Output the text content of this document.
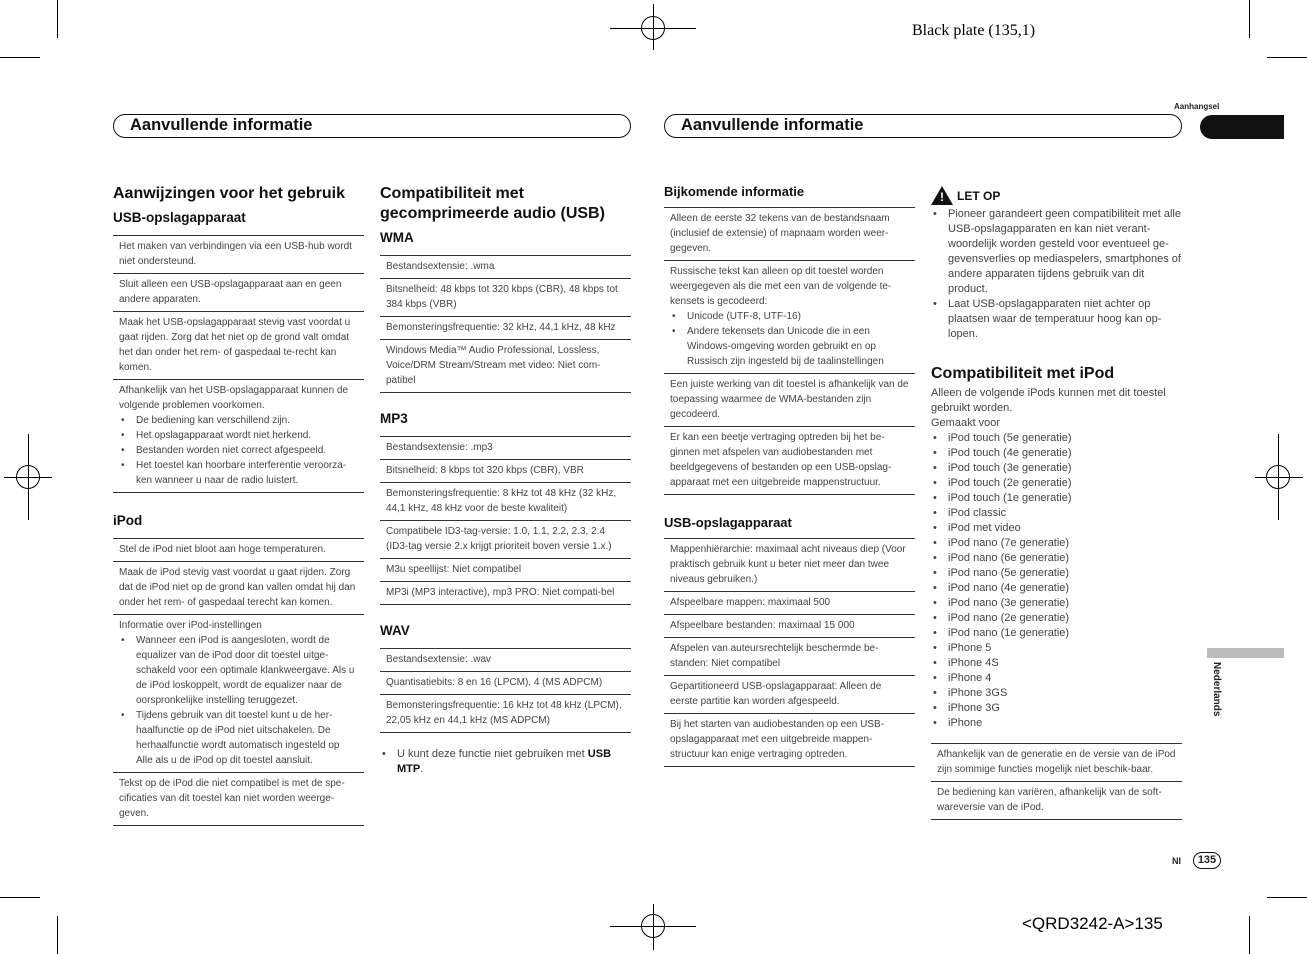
Black plate (135,1)
<QRD3242-A>135
Aanhangsel
Nederlands
Aanvullende informatie	Aanvullende informatie
Aanwijzingen voor het gebruik
USB-opslagapparaat
Het maken van verbindingen via een USB-hub wordt niet ondersteund.
Sluit alleen een USB-opslagapparaat aan en geen andere apparaten.
Maak het USB-opslagapparaat stevig vast voordat u gaat rijden. Zorg dat het niet op de grond valt omdat het dan onder het rem- of gaspedaal te-recht kan komen.
Afhankelijk van het USB-opslagapparaat kunnen de volgende problemen voorkomen.
• De bediening kan verschillend zijn.
• Het opslagapparaat wordt niet herkend.
• Bestanden worden niet correct afgespeeld.
• Het toestel kan hoorbare interferentie veroorza-ken wanneer u naar de radio luistert.
iPod
Stel de iPod niet bloot aan hoge temperaturen.
Maak de iPod stevig vast voordat u gaat rijden. Zorg dat de iPod niet op de grond kan vallen omdat hij dan onder het rem- of gaspedaal terecht kan komen.
Informatie over iPod-instellingen
• Wanneer een iPod is aangesloten, wordt de equalizer van de iPod door dit toestel uitge-schakeld voor een optimale klankweergave. Als u de iPod loskoppelt, wordt de equalizer naar de oorspronkelijke instelling teruggezet.
• Tijdens gebruik van dit toestel kunt u de her-haalfunctie op de iPod niet uitschakelen. De herhaalfunctie wordt automatisch ingesteld op Alle als u de iPod op dit toestel aansluit.
Tekst op de iPod die niet compatibel is met de spe-cificaties van dit toestel kan niet worden weerge-geven.
Compatibiliteit met gecomprimeerde audio (USB)
WMA
Bestandsextensie: .wma
Bitsnelheid: 48 kbps tot 320 kbps (CBR), 48 kbps tot 384 kbps (VBR)
Bemonsteringsfrequentie: 32 kHz, 44,1 kHz, 48 kHz
Windows Media™ Audio Professional, Lossless, Voice/DRM Stream/Stream met video: Niet com-patibel
MP3
Bestandsextensie: .mp3
Bitsnelheid: 8 kbps tot 320 kbps (CBR), VBR
Bemonsteringsfrequentie: 8 kHz tot 48 kHz (32 kHz, 44,1 kHz, 48 kHz voor de beste kwaliteit)
Compatibele ID3-tag-versie: 1.0, 1.1, 2.2, 2.3, 2.4 (ID3-tag versie 2.x krijgt prioriteit boven versie 1.x.)
M3u speellijst: Niet compatibel
MP3i (MP3 interactive), mp3 PRO: Niet compati-bel
WAV
Bestandsextensie: .wav
Quantisatiebits: 8 en 16 (LPCM), 4 (MS ADPCM)
Bemonsteringsfrequentie: 16 kHz tot 48 kHz (LPCM), 22,05 kHz en 44,1 kHz (MS ADPCM)
• U kunt deze functie niet gebruiken met USB MTP.
Bijkomende informatie
Alleen de eerste 32 tekens van de bestandsnaam (inclusief de extensie) of mapnaam worden weer-gegeven.
Russische tekst kan alleen op dit toestel worden weergegeven als die met een van de volgende te-kensets is gecodeerd:
• Unicode (UTF-8, UTF-16)
• Andere tekensets dan Unicode die in een Windows-omgeving worden gebruikt en op Russisch zijn ingesteld bij de taalinstellingen
Een juiste werking van dit toestel is afhankelijk van de toepassing waarmee de WMA-bestanden zijn gecodeerd.
Er kan een beetje vertraging optreden bij het be-ginnen met afspelen van audiobestanden met beeldgegevens of bestanden op een USB-opslag-apparaat met een uitgebreide mappenstructuur.
USB-opslagapparaat
Mappenhiërarchie: maximaal acht niveaus diep (Voor praktisch gebruik kunt u beter niet meer dan twee niveaus gebruiken.)
Afspeelbare mappen: maximaal 500
Afspeelbare bestanden: maximaal 15 000
Afspelen van auteursrechtelijk beschermde be-standen: Niet compatibel
Gepartitioneerd USB-opslagapparaat: Alleen de eerste partitie kan worden afgespeeld.
Bij het starten van audiobestanden op een USB-opslagapparaat met een uitgebreide mappen-structuur kan enige vertraging optreden.
! LET OP
• Pioneer garandeert geen compatibiliteit met alle USB-opslagapparaten en kan niet verant-woordelijk worden gesteld voor eventueel ge-gevensverlies op mediaspelers, smartphones of andere apparaten tijdens gebruik van dit product.
• Laat USB-opslagapparaten niet achter op plaatsen waar de temperatuur hoog kan op-lopen.
Compatibiliteit met iPod
Alleen de volgende iPods kunnen met dit toestel gebruikt worden.
Gemaakt voor
• iPod touch (5e generatie)
• iPod touch (4e generatie)
• iPod touch (3e generatie)
• iPod touch (2e generatie)
• iPod touch (1e generatie)
• iPod classic
• iPod met video
• iPod nano (7e generatie)
• iPod nano (6e generatie)
• iPod nano (5e generatie)
• iPod nano (4e generatie)
• iPod nano (3e generatie)
• iPod nano (2e generatie)
• iPod nano (1e generatie)
• iPhone 5
• iPhone 4S
• iPhone 4
• iPhone 3GS
• iPhone 3G
• iPhone
Afhankelijk van de generatie en de versie van de iPod zijn sommige functies mogelijk niet beschik-baar.
De bediening kan variëren, afhankelijk van de soft-wareversie van de iPod.
Nl	135
